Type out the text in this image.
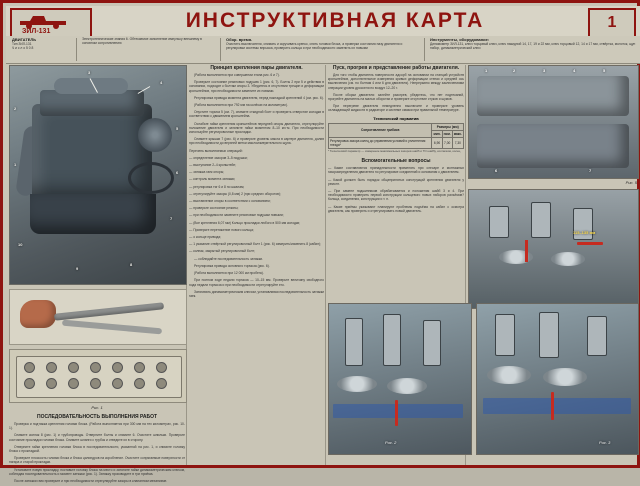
ЗИЛ-131	ИНСТРУКТИВНАЯ КАРТА	1
ДВИГАТЕЛЬ
Тип ЗИЛ-131
Ч и с л о 5 0 8
Электротехнические знания 6. Обтекаемое заполнение импульсу внешнему в основном сопротивлению
Обор. время.
Очистить выключатели, снимать и скручивать крепко, снять головки блока, а проверки состояния пазу двигателя и регулировки системы впрыска, проверить кольца и при необходимости заменить их новыми
Инструменты, оборудование:
Динамометр ЗИЛ-131, ключ торцовый ключ, ключ накидной 14, 17, 19 и 22 мм, ключ торцовый 12, 14 и 17 мм, отвёртка, молоток, щуп набор, динамометрический ключ
3
4
5
6
7
8
9
10
1
2
Рис. 1
ПОСЛЕДОВАТЕЛЬНОСТЬ ВЫПОЛНЕНИЯ РАБОТ

Проверка и подтяжка крепления головки блока. (Работа выполняется при 300 мм на тех километрах, рис. 10-1).

Снимите колпак 8 (рис. 1) и трубопроводы. Отверните болты и снимите 6. Очистите шпильки. Проверьте состояние прокладки головки блока. Снимите шланги с трубок и отведите их в сторону.

Отверните гайки крепления головки блока в последовательности, указанной на рис. 1, и снимите головку блока с прокладкой.

Проверьте плоскость головки блока и блока цилиндров на коробление. Очистите сопрягаемые поверхности от нагара и старой прокладки.

Установите новую прокладку, поставьте головку блока на место и затяните гайки динамометрическим ключом, соблюдая последовательность и момент затяжки (рис. 1). Затяжку производите в три приёма.

После затяжки гаек проверьте и при необходимости отрегулируйте зазоры в клапанном механизме.

Принцип крепления пары двигателя.

(Работа выполняется при совершении этапа рис. 6 и 7).

Проверьте состояние резиновых подушек 1 (рис. 6, 7). Болты 2 при 5 и действия в основании, подходят к болтам опоры 3. Убедитесь в отсутствии трещин и деформации кронштейнов, при необходимости замените их новыми.

Регулировка привода момента двигателя, перед накладкой креплений 4 (см. рис. 6).

(Работа выполняется при 792 мм на колёсах на километрах).

Опустите тормоз 5 (см. 7), снимите откидной болт и проверить отверстие колодки в соответствии с движением кронштейна.

Ослабьте гайки крепления кронштейнов передней опоры двигателя, отрегулируйте положение двигателя и затяните гайки моментом 8–10 кгс·м. При необходимости используйте регулировочные прокладки.

Снимите крышки 7 (рис. 6) и проверьте уровень масла в картере двигателя, долив при необходимости до верхней метки маслоизмерительного щупа.

Перечень выполняемых операций:

— определение зазоров 3–5 подушки;

— выступание 2–4 кронштейн;

— затяжка гаек опоры;

— контроль момента затяжки;

— регулировка тяг 6 и 8 по шкалам;

— отрегулируйте зазоры (0,8 мм) 2 (при средних оборотов);

— выставление опоры в соответствии с основанием;

— проверьте состояние резины;

— при необходимости замените резиновые подушки новыми;

— (Все крепления 6,07 мм) Кольцо прокладки любого в 500 мм колодки;

— Проверьте перетяжение нового кольца;

— о кольце привода;

— 1 указание отвёрткой регулировочный болт 1 (рис. 6) измерить/изменить 8 (кабин);

— колпак, закрытый регулировочный болт;

— соблюдайте последовательность затяжки.

Регулировка привода основного тормоза (рис. 6).

(Работа выполняется при 12 000 км пробега).

При полном ходе педали тормоза — 10–15 мм. Проверьте величину свободного хода педали тормоза и при необходимости отрегулируйте его.

Затягивать динамометрическим ключом, устанавливая последовательность затяжки гаек.

Пуск, прогрев и представление работы двигателя.

Для того чтобы двигатель поверхности адсорб на основании на станций устройств кронштейнов, дополнительное измерения кривых деформации стенки и средней ось выключения (см. по болтам 4 или 6 для двигателя). Непрерывно между заключениями операции уровня дросселя по воздух 12–20 г.

После сборки двигателя: залейте разогрев, убедитесь, что нет подтеканий, прогрейте двигатель на малых оборотах и проверьте отсутствие стуков и шумов.

При перегреве двигателя немедленно выключите и проверьте уровень охлаждающей жидкости в радиаторе и системе смазки при правильной температуре.

Технический норматив
Сопротивление грибков	Размеры (мм)		
	мин.	ном.	макс.
Регулировка зазора колец до управления условий и уплотнения гнезда*	6,90	7,00	7,30
* Технический параметр — измерение максимальных зазоров шайб и ТО шайбу, колпачков, колец.
Вспомогательные вопросы

— Какие составляются принадлежности применять при слесаре и монтажных газораспределения двигателя по регулировке соединений и основания с двигателем.

— Какой должен быть порядок общепринятых конструкций крепления двигателя у ремонт.

— При замене подшипников обрабатывается и положения шайб 3 и 4. При необходимости проверить первой конструкции кольцевого новых наборов разъёмов? Кольца, соединения, конструкции и т. п.

— Какие приёмы указывают планируют проблемы подъёма на кабин с осмотра двигателя, как проверить и отрегулировать новый двигатель.

1	2	3	4	5
6	7
Рис. 5
115–135 мм
Рис. 2	Рис. 3
